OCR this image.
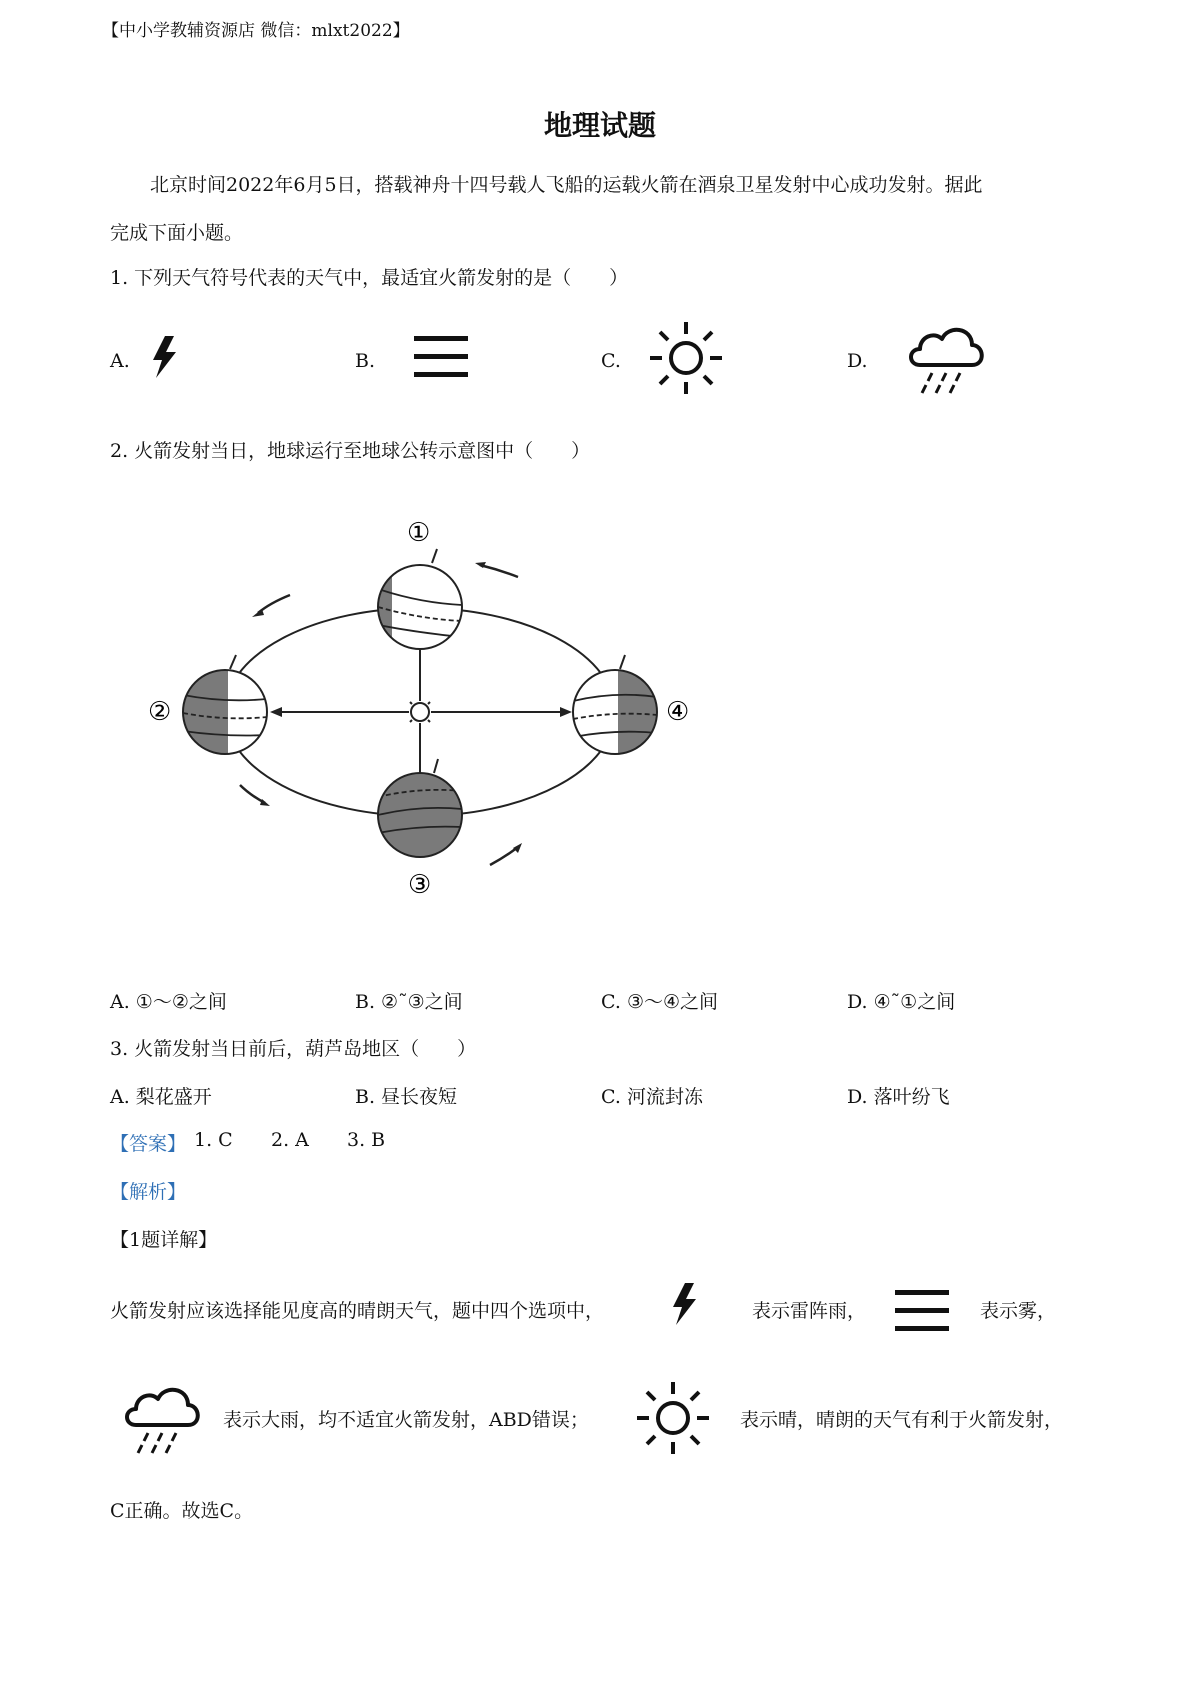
【中小学教辅资源店 微信：mlxt2022】
地理试题
北京时间2022年6月5日，搭载神舟十四号载人飞船的运载火箭在酒泉卫星发射中心成功发射。据此
完成下面小题。
1. 下列天气符号代表的天气中，最适宜火箭发射的是（　　）
A.	B.	C.	D.
2. 火箭发射当日，地球运行至地球公转示意图中（　　）
①
②
③
④
A. ①～②之间	B. ②˜③之间	C. ③～④之间	D. ④˜①之间
3. 火箭发射当日前后，葫芦岛地区（　　）
A. 梨花盛开	B. 昼长夜短	C. 河流封冻	D. 落叶纷飞
【答案】 1. C 2. A 3. B
【解析】
【1题详解】
火箭发射应该选择能见度高的晴朗天气，题中四个选项中，	表示雷阵雨，	表示雾，
表示大雨，均不适宜火箭发射，ABD错误；	表示晴，晴朗的天气有利于火箭发射，
C正确。故选C。
